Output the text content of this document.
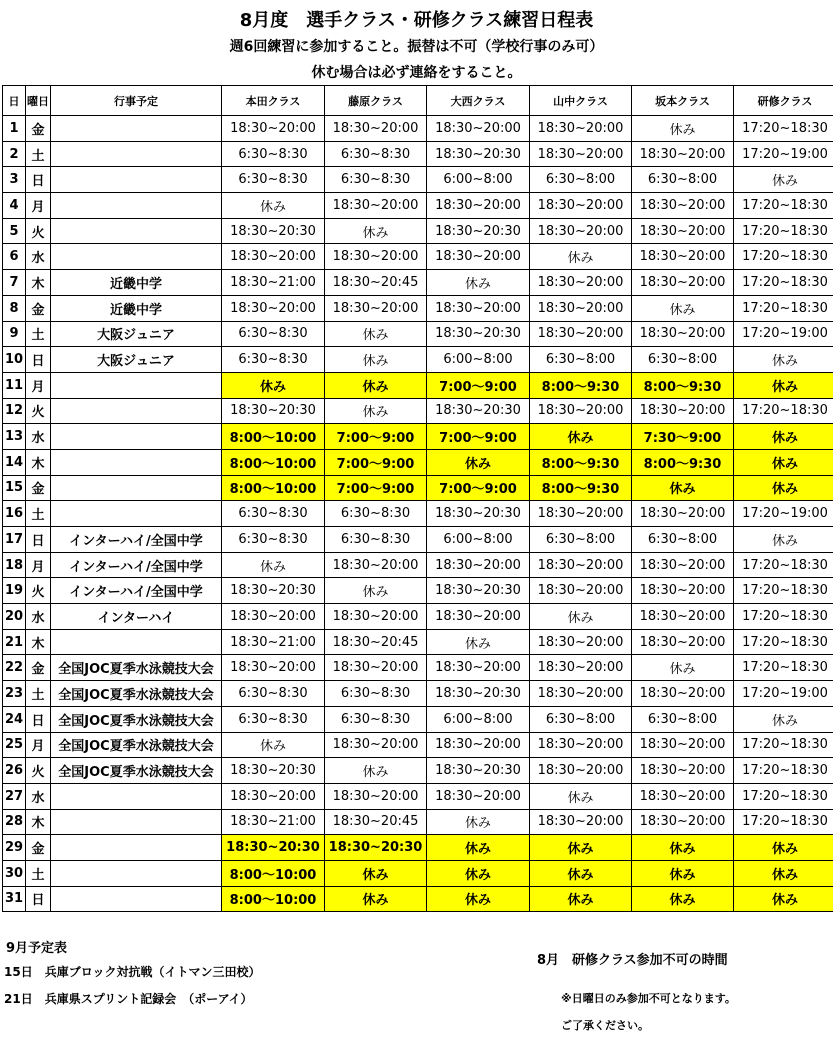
8月度　選手クラス・研修クラス練習日程表
週6回練習に参加すること。振替は不可（学校行事のみ可）
休む場合は必ず連絡をすること。
日	曜日	行事予定	本田クラス	藤原クラス	大西クラス	山中クラス	坂本クラス	研修クラス
1	金		18:30~20:00	18:30~20:00	18:30~20:00	18:30~20:00	休み	17:20~18:30
2	土		6:30~8:30	6:30~8:30	18:30~20:30	18:30~20:00	18:30~20:00	17:20~19:00
3	日		6:30~8:30	6:30~8:30	6:00~8:00	6:30~8:00	6:30~8:00	休み
4	月		休み	18:30~20:00	18:30~20:00	18:30~20:00	18:30~20:00	17:20~18:30
5	火		18:30~20:30	休み	18:30~20:30	18:30~20:00	18:30~20:00	17:20~18:30
6	水		18:30~20:00	18:30~20:00	18:30~20:00	休み	18:30~20:00	17:20~18:30
7	木	近畿中学	18:30~21:00	18:30~20:45	休み	18:30~20:00	18:30~20:00	17:20~18:30
8	金	近畿中学	18:30~20:00	18:30~20:00	18:30~20:00	18:30~20:00	休み	17:20~18:30
9	土	大阪ジュニア	6:30~8:30	休み	18:30~20:30	18:30~20:00	18:30~20:00	17:20~19:00
10	日	大阪ジュニア	6:30~8:30	休み	6:00~8:00	6:30~8:00	6:30~8:00	休み
11	月		休み	休み	7:00～9:00	8:00～9:30	8:00～9:30	休み
12	火		18:30~20:30	休み	18:30~20:30	18:30~20:00	18:30~20:00	17:20~18:30
13	水		8:00～10:00	7:00～9:00	7:00～9:00	休み	7:30～9:00	休み
14	木		8:00～10:00	7:00～9:00	休み	8:00～9:30	8:00～9:30	休み
15	金		8:00～10:00	7:00～9:00	7:00～9:00	8:00～9:30	休み	休み
16	土		6:30~8:30	6:30~8:30	18:30~20:30	18:30~20:00	18:30~20:00	17:20~19:00
17	日	インターハイ/全国中学	6:30~8:30	6:30~8:30	6:00~8:00	6:30~8:00	6:30~8:00	休み
18	月	インターハイ/全国中学	休み	18:30~20:00	18:30~20:00	18:30~20:00	18:30~20:00	17:20~18:30
19	火	インターハイ/全国中学	18:30~20:30	休み	18:30~20:30	18:30~20:00	18:30~20:00	17:20~18:30
20	水	インターハイ	18:30~20:00	18:30~20:00	18:30~20:00	休み	18:30~20:00	17:20~18:30
21	木		18:30~21:00	18:30~20:45	休み	18:30~20:00	18:30~20:00	17:20~18:30
22	金	全国JOC夏季水泳競技大会	18:30~20:00	18:30~20:00	18:30~20:00	18:30~20:00	休み	17:20~18:30
23	土	全国JOC夏季水泳競技大会	6:30~8:30	6:30~8:30	18:30~20:30	18:30~20:00	18:30~20:00	17:20~19:00
24	日	全国JOC夏季水泳競技大会	6:30~8:30	6:30~8:30	6:00~8:00	6:30~8:00	6:30~8:00	休み
25	月	全国JOC夏季水泳競技大会	休み	18:30~20:00	18:30~20:00	18:30~20:00	18:30~20:00	17:20~18:30
26	火	全国JOC夏季水泳競技大会	18:30~20:30	休み	18:30~20:30	18:30~20:00	18:30~20:00	17:20~18:30
27	水		18:30~20:00	18:30~20:00	18:30~20:00	休み	18:30~20:00	17:20~18:30
28	木		18:30~21:00	18:30~20:45	休み	18:30~20:00	18:30~20:00	17:20~18:30
29	金		18:30~20:30	18:30~20:30	休み	休み	休み	休み
30	土		8:00～10:00	休み	休み	休み	休み	休み
31	日		8:00～10:00	休み	休み	休み	休み	休み
9月予定表
15日　兵庫ブロック対抗戦（イトマン三田校）
21日　兵庫県スプリント記録会　（ポーアイ）
8月　研修クラス参加不可の時間
※日曜日のみ参加不可となります。
ご了承ください。
